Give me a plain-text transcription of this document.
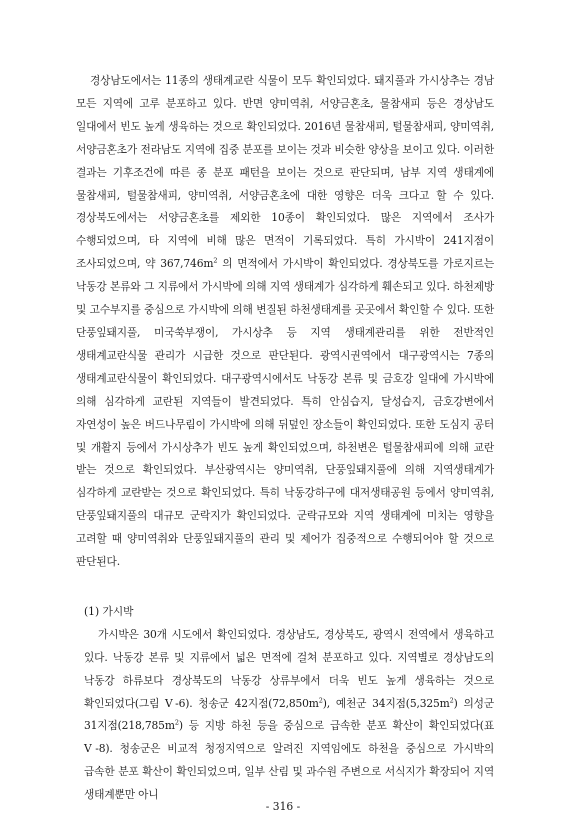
경상남도에서는 11종의 생태계교란 식물이 모두 확인되었다. 돼지풀과 가시상추는 경남 모든 지역에 고루 분포하고 있다. 반면 양미역취, 서양금혼초, 물참새피 등은 경상남도 일대에서 빈도 높게 생육하는 것으로 확인되었다. 2016년 물참새피, 털물참새피, 양미역취, 서양금혼초가 전라남도 지역에 집중 분포를 보이는 것과 비슷한 양상을 보이고 있다. 이러한 결과는 기후조건에 따른 종 분포 패턴을 보이는 것으로 판단되며, 남부 지역 생태계에 물참새피, 털물참새피, 양미역취, 서양금혼초에 대한 영향은 더욱 크다고 할 수 있다. 경상북도에서는 서양금혼초를 제외한 10종이 확인되었다. 많은 지역에서 조사가 수행되었으며, 타 지역에 비해 많은 면적이 기록되었다. 특히 가시박이 241지점이 조사되었으며, 약 $367,746m^2$ 의 면적에서 가시박이 확인되었다. 경상북도를 가로지르는 낙동강 본류와 그 지류에서 가시박에 의해 지역 생태계가 심각하게 훼손되고 있다. 하천제방 및 고수부지를 중심으로 가시박에 의해 변질된 하천생태계를 곳곳에서 확인할 수 있다. 또한 단풍잎돼지풀, 미국쑥부쟁이, 가시상추 등 지역 생태계관리를 위한 전반적인 생태계교란식물 관리가 시급한 것으로 판단된다. 광역시권역에서 대구광역시는 7종의 생태계교란식물이 확인되었다. 대구광역시에서도 낙동강 본류 및 금호강 일대에 가시박에 의해 심각하게 교란된 지역들이 발견되었다. 특히 안심습지, 달성습지, 금호강변에서 자연성이 높은 버드나무림이 가시박에 의해 뒤덮인 장소들이 확인되었다. 또한 도심지 공터 및 개활지 등에서 가시상추가 빈도 높게 확인되었으며, 하천변은 털물참새피에 의해 교란 받는 것으로 확인되었다. 부산광역시는 양미역취, 단풍잎돼지풀에 의해 지역생태계가 심각하게 교란받는 것으로 확인되었다. 특히 낙동강하구에 대저생태공원 등에서 양미역취, 단풍잎돼지풀의 대규모 군락지가 확인되었다. 군락규모와 지역 생태계에 미치는 영향을 고려할 때 양미역취와 단풍잎돼지풀의 관리 및 제어가 집중적으로 수행되어야 할 것으로 판단된다.

(1) 가시박

가시박은 30개 시도에서 확인되었다. 경상남도, 경상북도, 광역시 전역에서 생육하고 있다. 낙동강 본류 및 지류에서 넓은 면적에 걸쳐 분포하고 있다. 지역별로 경상남도의 낙동강 하류보다 경상북도의 낙동강 상류부에서 더욱 빈도 높게 생육하는 것으로 확인되었다(그림 Ⅴ-6). 청송군 42지점$(72,850m^2)$, 예천군 34지점$(5,325m^2)$ 의성군 31지점$(218,785m^2)$ 등 지방 하천 등을 중심으로 급속한 분포 확산이 확인되었다(표 Ⅴ-8). 청송군은 비교적 청정지역으로 알려진 지역임에도 하천을 중심으로 가시박의 급속한 분포 확산이 확인되었으며, 일부 산림 및 과수원 주변으로 서식지가 확장되어 지역 생태계뿐만 아니

- 316 -
